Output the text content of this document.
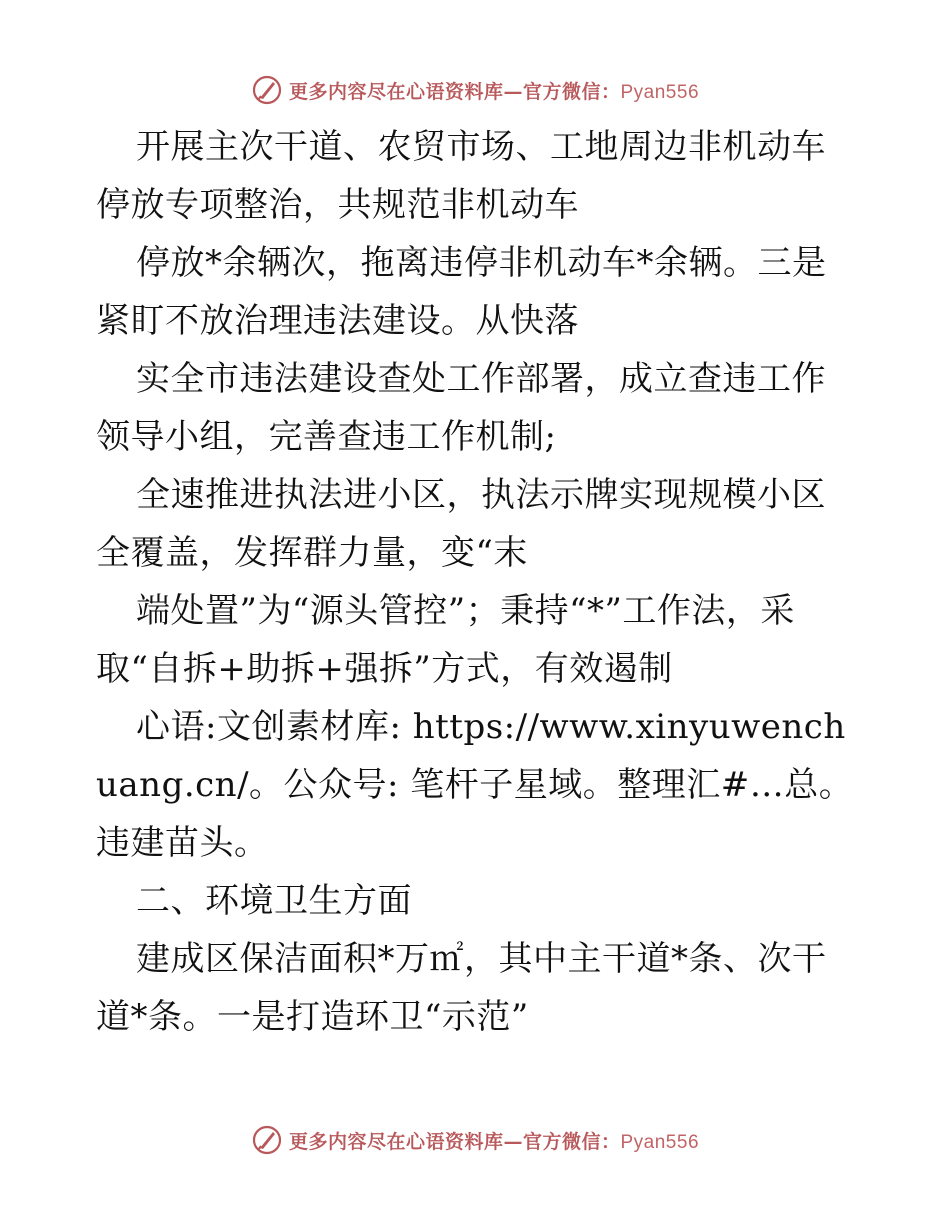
更多内容尽在心语资料库—官方微信：Pyan556

开展主次干道、农贸市场、工地周边非机动车停放专项整治，共规范非机动车

停放*余辆次，拖离违停非机动车*余辆。三是紧盯不放治理违法建设。从快落

实全市违法建设查处工作部署，成立查违工作领导小组，完善查违工作机制;

全速推进执法进小区，执法示牌实现规模小区全覆盖，发挥群力量，变“末

端处置”为“源头管控”；秉持“*”工作法，采取“自拆+助拆+强拆”方式，有效遏制

心语:文创素材库: https://www.xinyuwenchuang.cn/。公众号: 笔杆子星域。整理汇#…总。违建苗头。

二、环境卫生方面

建成区保洁面积*万㎡，其中主干道*条、次干道*条。一是打造环卫“示范”

更多内容尽在心语资料库—官方微信：Pyan556
